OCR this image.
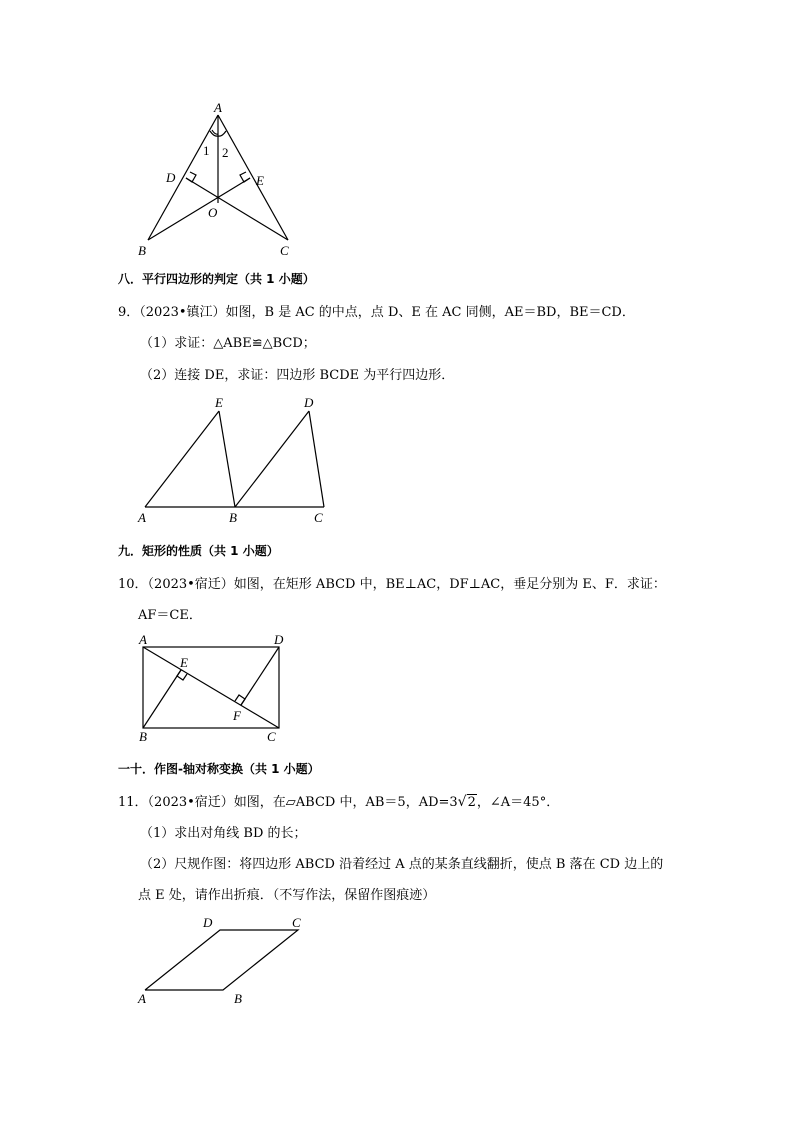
A
D	E
O
B	C
1 2
八．平行四边形的判定（共 1 小题）
9．（2023•镇江）如图，B 是 AC 的中点，点 D、E 在 AC 同侧，AE＝BD，BE＝CD．
（1）求证：△ABE≌△BCD；
（2）连接 DE，求证：四边形 BCDE 为平行四边形．
E	D
A	B	C
九．矩形的性质（共 1 小题）
10．（2023•宿迁）如图，在矩形 ABCD 中，BE⊥AC，DF⊥AC，垂足分别为 E、F．求证：
AF＝CE．
A	D
E
F
B	C
一十．作图-轴对称变换（共 1 小题）
11．（2023•宿迁）如图，在▱ABCD 中，AB＝5，AD=3√2，∠A＝45°．
（1）求出对角线 BD 的长；
（2）尺规作图：将四边形 ABCD 沿着经过 A 点的某条直线翻折，使点 B 落在 CD 边上的
点 E 处，请作出折痕．（不写作法，保留作图痕迹）
D	C
A	B
